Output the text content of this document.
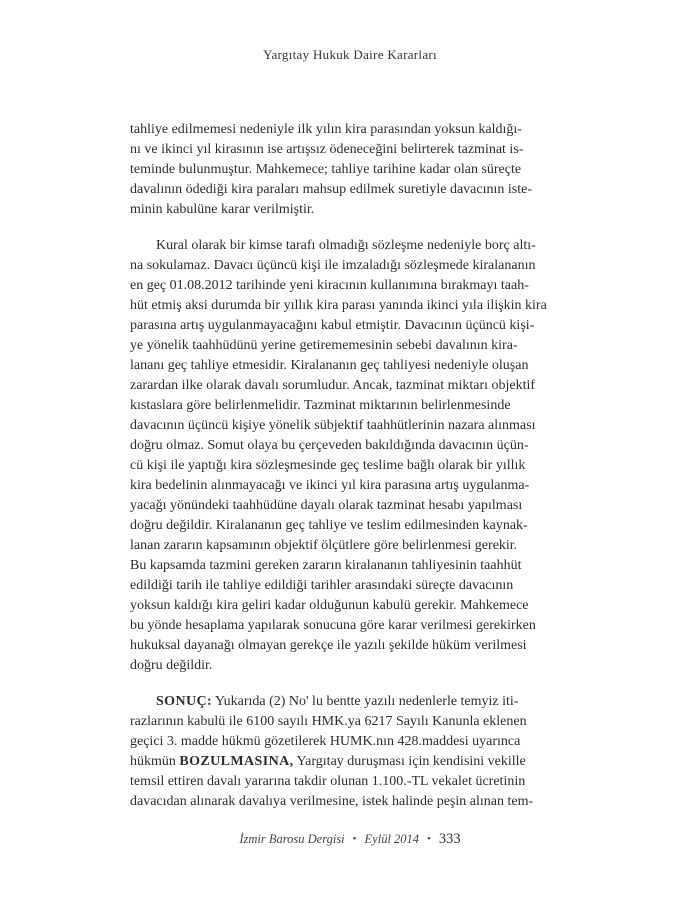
Yargıtay Hukuk Daire Kararları
tahliye edilmemesi nedeniyle ilk yılın kira parasından yoksun kaldığı-
nı ve ikinci yıl kirasının ise artışsız ödeneceğini belirterek tazminat is-
teminde bulunmuştur. Mahkemece; tahliye tarihine kadar olan süreçte
davalının ödediği kira paraları mahsup edilmek suretiyle davacının iste-
minin kabulüne karar verilmiştir.
Kural olarak bir kimse tarafı olmadığı sözleşme nedeniyle borç altı-
na sokulamaz. Davacı üçüncü kişi ile imzaladığı sözleşmede kiralananın
en geç 01.08.2012 tarihinde yeni kiracının kullanımına bırakmayı taah-
hüt etmiş aksi durumda bir yıllık kira parası yanında ikinci yıla ilişkin kira
parasına artış uygulanmayacağını kabul etmiştir. Davacının üçüncü kişi-
ye yönelik taahhüdünü yerine getirememesinin sebebi davalının kira-
lananı geç tahliye etmesidir. Kiralananın geç tahliyesi nedeniyle oluşan
zarardan ilke olarak davalı sorumludur. Ancak, tazminat miktarı objektif
kıstaslara göre belirlenmelidir. Tazminat miktarının belirlenmesinde
davacının üçüncü kişiye yönelik sübjektif taahhütlerinin nazara alınması
doğru olmaz. Somut olaya bu çerçeveden bakıldığında davacının üçün-
cü kişi ile yaptığı kira sözleşmesinde geç teslime bağlı olarak bir yıllık
kira bedelinin alınmayacağı ve ikinci yıl kira parasına artış uygulanma-
yacağı yönündeki taahhüdüne dayalı olarak tazminat hesabı yapılması
doğru değildir. Kiralananın geç tahliye ve teslim edilmesinden kaynak-
lanan zararın kapsamının objektif ölçütlere göre belirlenmesi gerekir.
Bu kapsamda tazmini gereken zararın kiralananın tahliyesinin taahhüt
edildiği tarih ile tahliye edildiği tarihler arasındaki süreçte davacının
yoksun kaldığı kira geliri kadar olduğunun kabulü gerekir. Mahkemece
bu yönde hesaplama yapılarak sonucuna göre karar verilmesi gerekirken
hukuksal dayanağı olmayan gerekçe ile yazılı şekilde hüküm verilmesi
doğru değildir.
SONUÇ: Yukarıda (2) No' lu bentte yazılı nedenlerle temyiz iti-
razlarının kabulü ile 6100 sayılı HMK.ya 6217 Sayılı Kanunla eklenen
geçici 3. madde hükmü gözetilerek HUMK.nın 428.maddesi uyarınca
hükmün BOZULMASINA, Yargıtay duruşması için kendisini vekille
temsil ettiren davalı yararına takdir olunan 1.100.-TL vekalet ücretinin
davacıdan alınarak davalıya verilmesine, istek halinde peşin alınan tem-
İzmir Barosu Dergisi • Eylül 2014 • 333
